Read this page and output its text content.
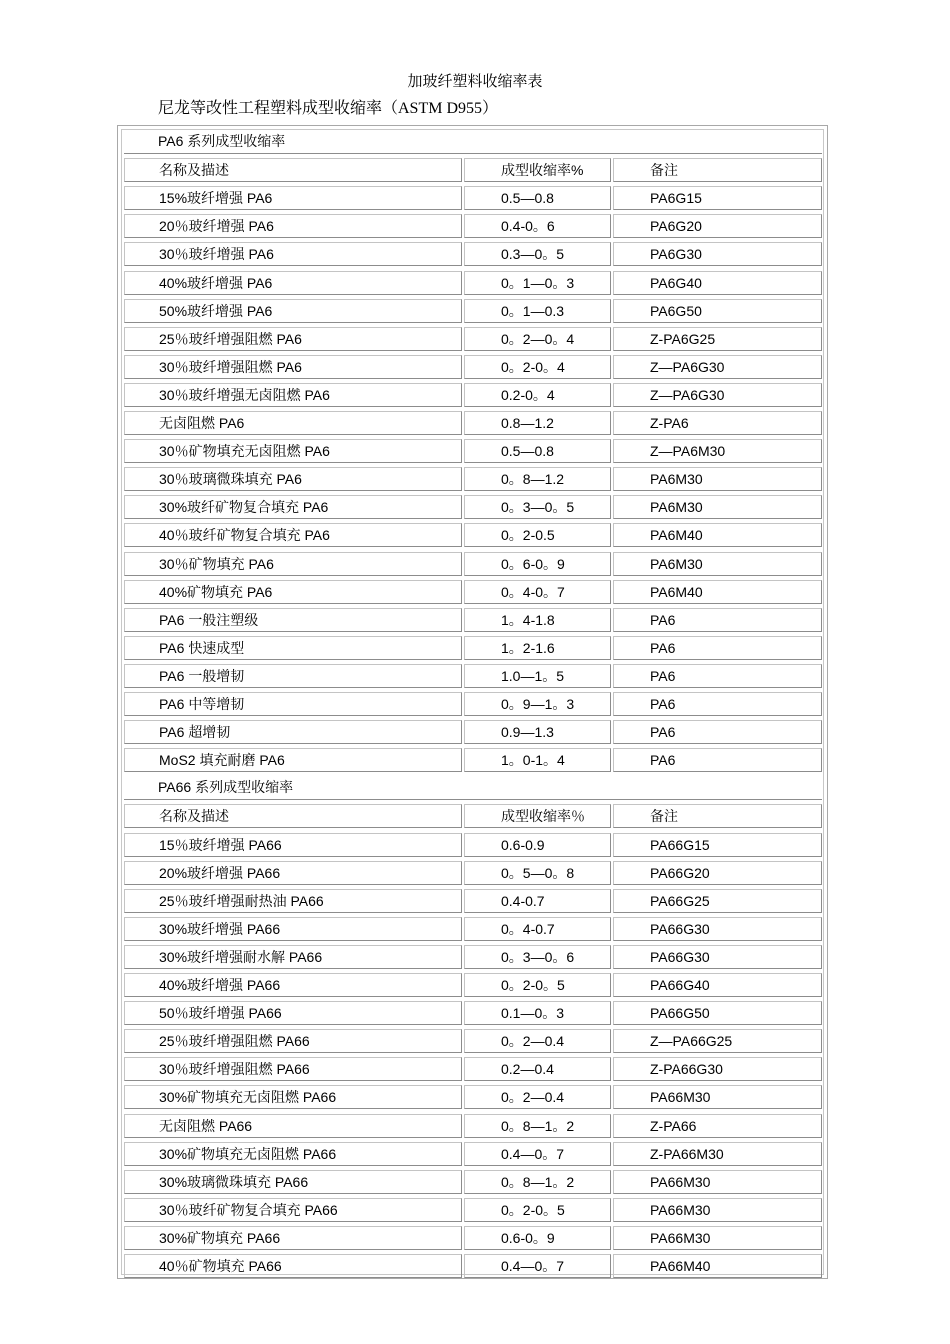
加玻纤塑料收缩率表
尼龙等改性工程塑料成型收缩率（ASTM D955）
PA6 系列成型收缩率
名称及描述	成型收缩率%	备注
15%玻纤增强 PA6	0.5—0.8	PA6G15
20％玻纤增强 PA6	0.4-0。6	PA6G20
30％玻纤增强 PA6	0.3—0。5	PA6G30
40%玻纤增强 PA6	0。1—0。3	PA6G40
50%玻纤增强 PA6	0。1—0.3	PA6G50
25％玻纤增强阻燃 PA6	0。2—0。4	Z-PA6G25
30％玻纤增强阻燃 PA6	0。2-0。4	Z—PA6G30
30％玻纤增强无卤阻燃 PA6	0.2-0。4	Z—PA6G30
无卤阻燃 PA6	0.8—1.2	Z-PA6
30％矿物填充无卤阻燃 PA6	0.5—0.8	Z—PA6M30
30％玻璃微珠填充 PA6	0。8—1.2	PA6M30
30%玻纤矿物复合填充 PA6	0。3—0。5	PA6M30
40％玻纤矿物复合填充 PA6	0。2-0.5	PA6M40
30％矿物填充 PA6	0。6-0。9	PA6M30
40%矿物填充 PA6	0。4-0。7	PA6M40
PA6 一般注塑级	1。4-1.8	PA6
PA6 快速成型	1。2-1.6	PA6
PA6 一般增韧	1.0—1。5	PA6
PA6 中等增韧	0。9—1。3	PA6
PA6 超增韧	0.9—1.3	PA6
MoS2 填充耐磨 PA6	1。0-1。4	PA6
PA66 系列成型收缩率
名称及描述	成型收缩率％	备注
15％玻纤增强 PA66	0.6-0.9	PA66G15
20%玻纤增强 PA66	0。5—0。8	PA66G20
25％玻纤增强耐热油 PA66	0.4-0.7	PA66G25
30%玻纤增强 PA66	0。4-0.7	PA66G30
30%玻纤增强耐水解 PA66	0。3—0。6	PA66G30
40%玻纤增强 PA66	0。2-0。5	PA66G40
50％玻纤增强 PA66	0.1—0。3	PA66G50
25％玻纤增强阻燃 PA66	0。2—0.4	Z—PA66G25
30％玻纤增强阻燃 PA66	0.2—0.4	Z-PA66G30
30%矿物填充无卤阻燃 PA66	0。2—0.4	PA66M30
无卤阻燃 PA66	0。8—1。2	Z-PA66
30%矿物填充无卤阻燃 PA66	0.4—0。7	Z-PA66M30
30%玻璃微珠填充 PA66	0。8—1。2	PA66M30
30％玻纤矿物复合填充 PA66	0。2-0。5	PA66M30
30%矿物填充 PA66	0.6-0。9	PA66M30
40％矿物填充 PA66	0.4—0。7	PA66M40
